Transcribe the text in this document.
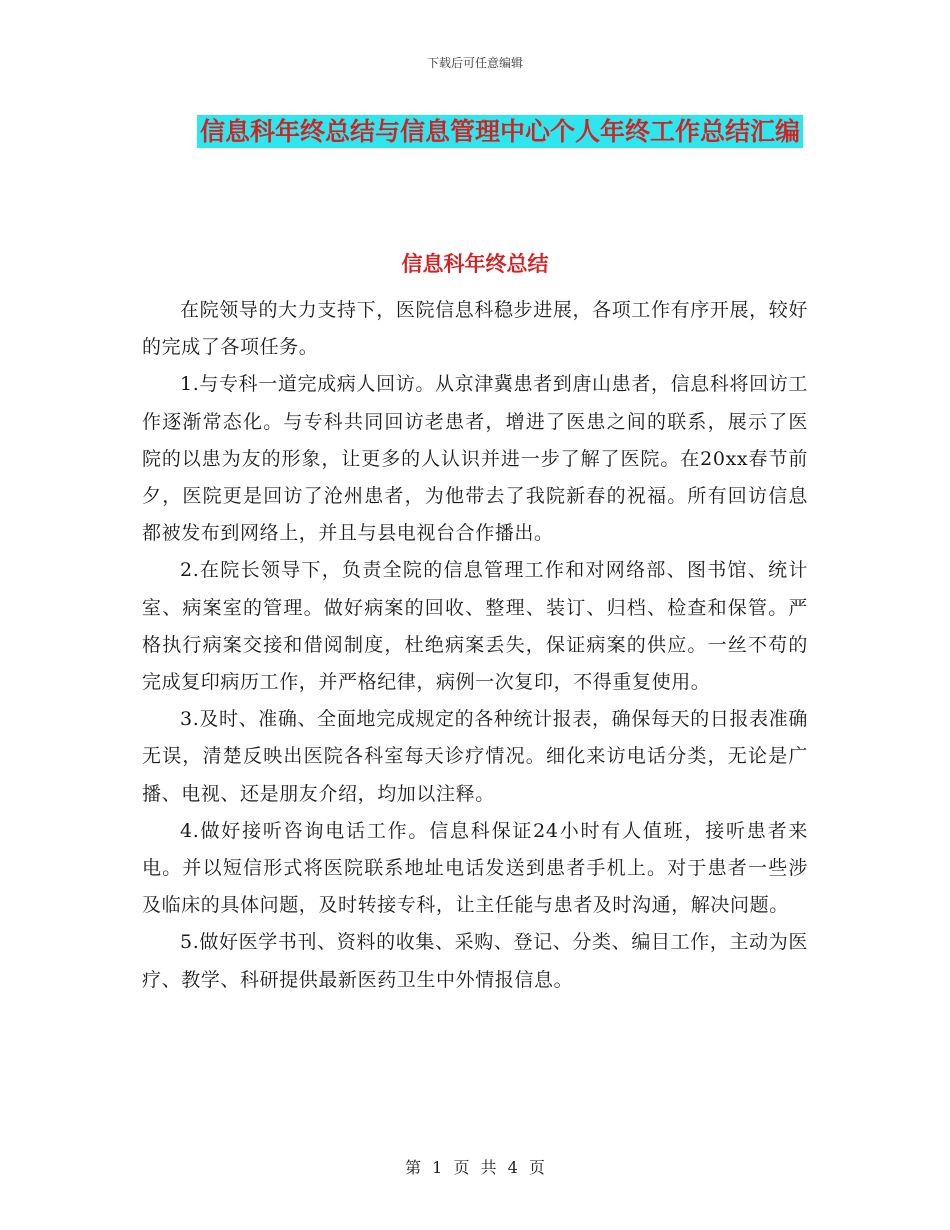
下载后可任意编辑
信息科年终总结与信息管理中心个人年终工作总结汇编
信息科年终总结

在院领导的大力支持下，医院信息科稳步进展，各项工作有序开展，较好的完成了各项任务。

1.与专科一道完成病人回访。从京津冀患者到唐山患者，信息科将回访工作逐渐常态化。与专科共同回访老患者，增进了医患之间的联系，展示了医院的以患为友的形象，让更多的人认识并进一步了解了医院。在20xx春节前夕，医院更是回访了沧州患者，为他带去了我院新春的祝福。所有回访信息都被发布到网络上，并且与县电视台合作播出。

2.在院长领导下，负责全院的信息管理工作和对网络部、图书馆、统计室、病案室的管理。做好病案的回收、整理、装订、归档、检查和保管。严格执行病案交接和借阅制度，杜绝病案丢失，保证病案的供应。一丝不苟的完成复印病历工作，并严格纪律，病例一次复印，不得重复使用。

3.及时、准确、全面地完成规定的各种统计报表，确保每天的日报表准确无误，清楚反映出医院各科室每天诊疗情况。细化来访电话分类，无论是广播、电视、还是朋友介绍，均加以注释。

4.做好接听咨询电话工作。信息科保证24小时有人值班，接听患者来电。并以短信形式将医院联系地址电话发送到患者手机上。对于患者一些涉及临床的具体问题，及时转接专科，让主任能与患者及时沟通，解决问题。

5.做好医学书刊、资料的收集、采购、登记、分类、编目工作，主动为医疗、教学、科研提供最新医药卫生中外情报信息。

第 1 页 共 4 页
